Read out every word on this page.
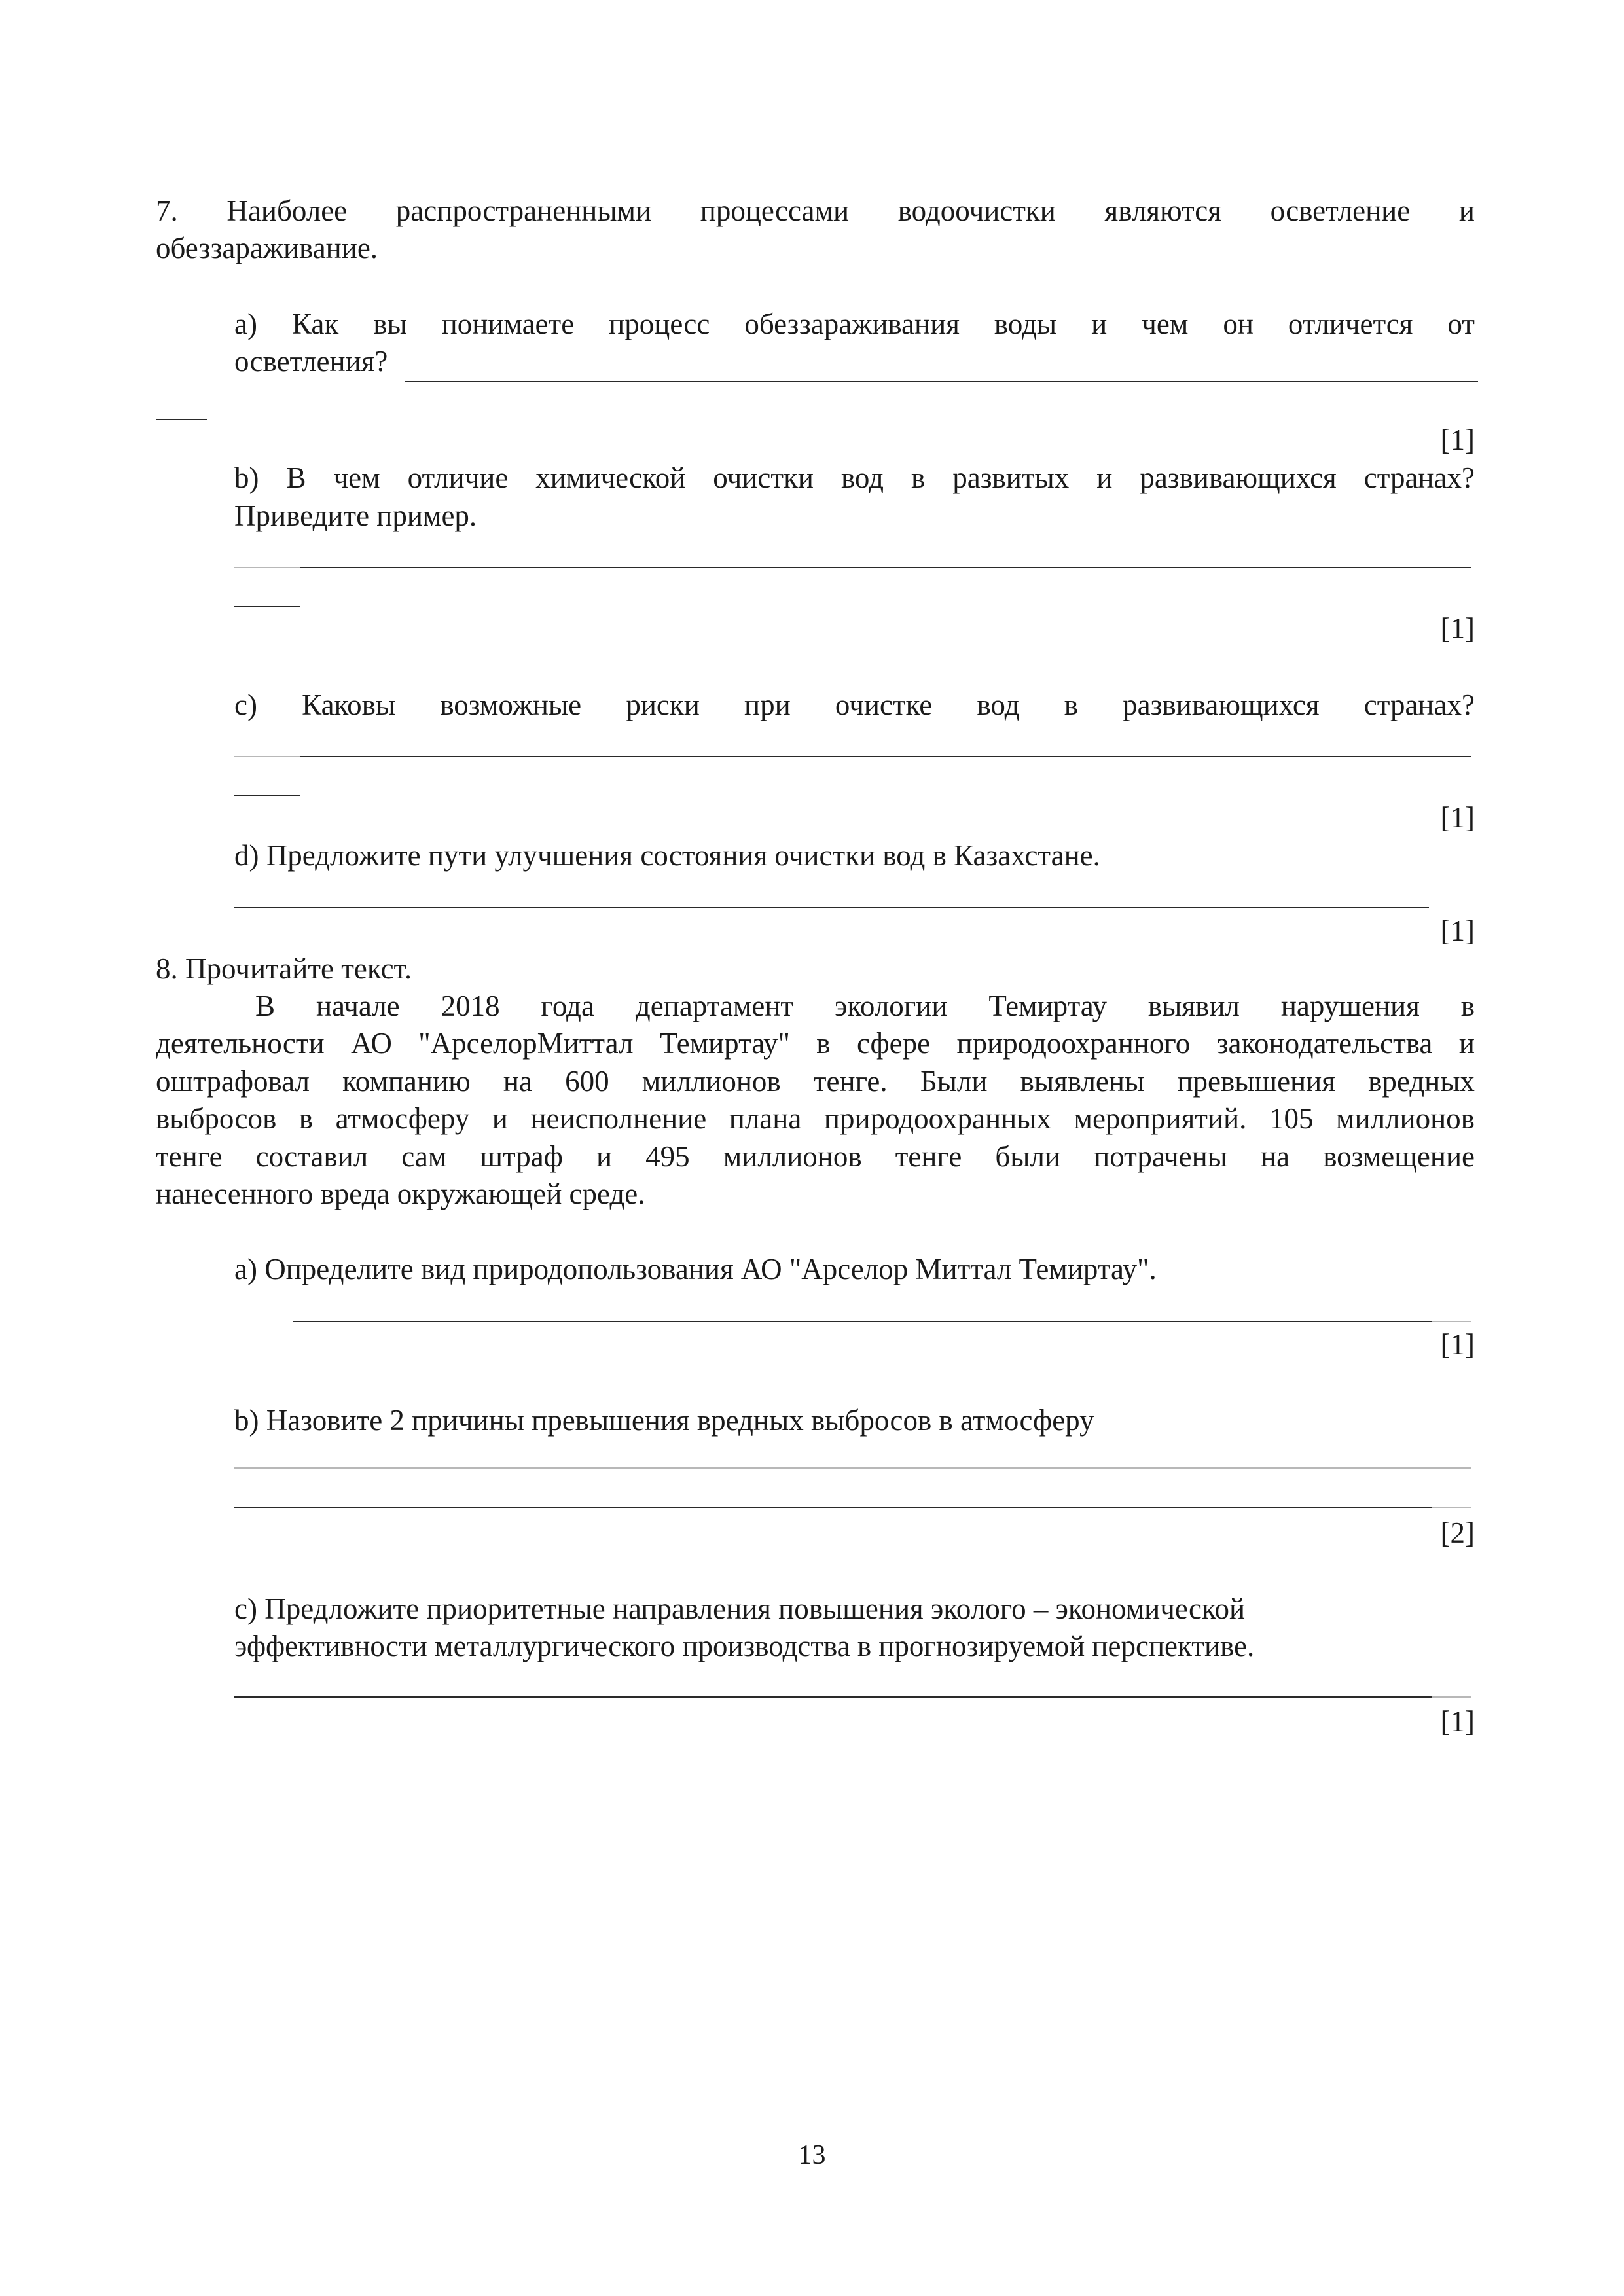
7. Наиболее распространенными процессами водоочистки являются осветление и
обеззараживание.
а) Как вы понимаете процесс обеззараживания воды и чем он отличется от
осветления?
[1]
b) В чем отличие химической очистки вод в развитых и развивающихся странах?
Приведите пример.
[1]
с) Каковы возможные риски при очистке вод в развивающихся странах?
[1]
d) Предложите пути улучшения состояния очистки вод в Казахстане.
[1]
8. Прочитайте текст.
В начале 2018 года департамент экологии Темиртау выявил нарушения в
деятельности АО "АрселорМиттал Темиртау" в сфере природоохранного законодательства и
оштрафовал компанию на 600 миллионов тенге. Были выявлены превышения вредных
выбросов в атмосферу и неисполнение плана природоохранных мероприятий. 105 миллионов
тенге составил сам штраф и 495 миллионов тенге были потрачены на возмещение
нанесенного вреда окружающей среде.
а) Определите вид природопользования АО "Арселор Миттал Темиртау".
[1]
b) Назовите 2 причины превышения вредных выбросов в атмосферу
[2]
с) Предложите приоритетные направления повышения эколого – экономической
эффективности металлургического производства в прогнозируемой перспективе.
[1]
13
